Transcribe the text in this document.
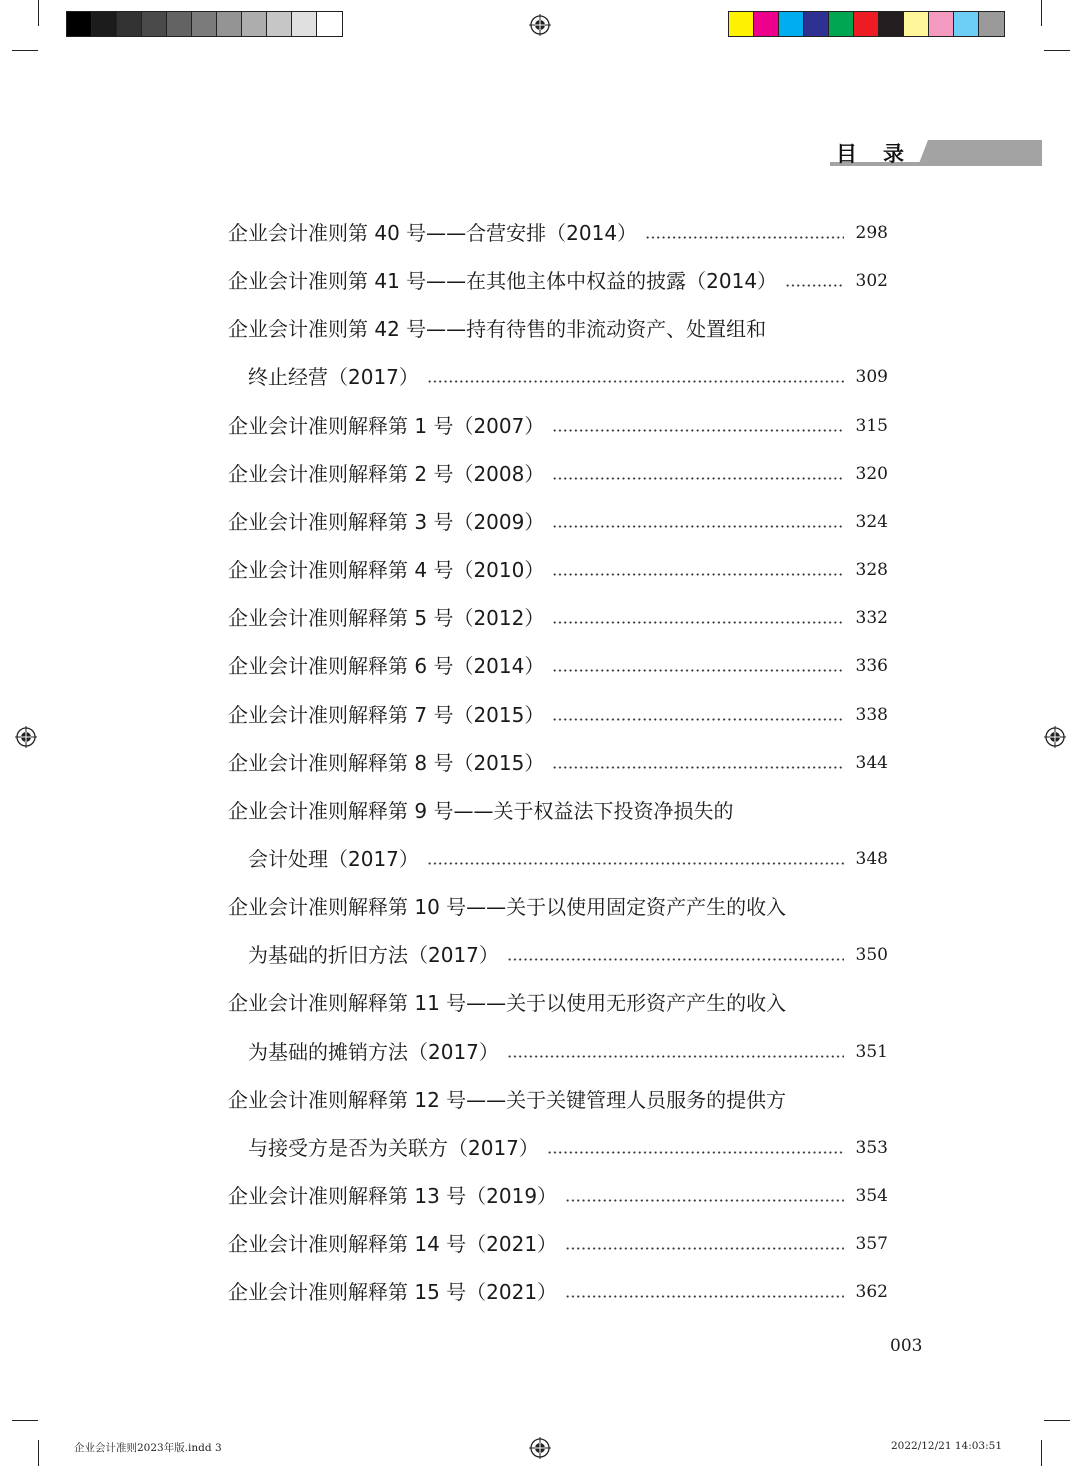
目录
企业会计准则第 40 号——合营安排（2014）	298
企业会计准则第 41 号——在其他主体中权益的披露（2014）	302
企业会计准则第 42 号——持有待售的非流动资产、处置组和
终止经营（2017）	309
企业会计准则解释第 1 号（2007）	315
企业会计准则解释第 2 号（2008）	320
企业会计准则解释第 3 号（2009）	324
企业会计准则解释第 4 号（2010）	328
企业会计准则解释第 5 号（2012）	332
企业会计准则解释第 6 号（2014）	336
企业会计准则解释第 7 号（2015）	338
企业会计准则解释第 8 号（2015）	344
企业会计准则解释第 9 号——关于权益法下投资净损失的
会计处理（2017）	348
企业会计准则解释第 10 号——关于以使用固定资产产生的收入
为基础的折旧方法（2017）	350
企业会计准则解释第 11 号——关于以使用无形资产产生的收入
为基础的摊销方法（2017）	351
企业会计准则解释第 12 号——关于关键管理人员服务的提供方
与接受方是否为关联方（2017）	353
企业会计准则解释第 13 号（2019）	354
企业会计准则解释第 14 号（2021）	357
企业会计准则解释第 15 号（2021）	362
003
企业会计准则2023年版.indd 3	2022/12/21 14:03:51
